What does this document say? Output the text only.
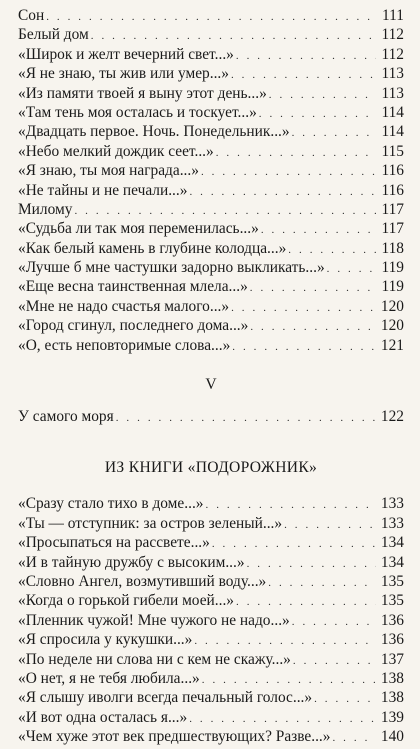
Сон . . .	111
Белый дом . . .	112
«Широк и желт вечерний свет...» . . .	112
«Я не знаю, ты жив или умер...» . . .	113
«Из памяти твоей я выну этот день...» . . .	113
«Там тень моя осталась и тоскует...» . . .	114
«Двадцать первое. Ночь. Понедельник...» . . .	114
«Небо мелкий дождик сеет...» . . .	115
«Я знаю, ты моя награда...» . . .	116
«Не тайны и не печали...» . . .	116
Милому . . .	117
«Судьба ли так моя переменилась...» . . .	117
«Как белый камень в глубине колодца...» . . .	118
«Лучше б мне частушки задорно выкликать...» . . .	119
«Еще весна таинственная млела...» . . .	119
«Мне не надо счастья малого...» . . .	120
«Город сгинул, последнего дома...» . . .	120
«О, есть неповторимые слова...» . . .	121
V
У самого моря . . .	122
ИЗ КНИГИ «ПОДОРОЖНИК»
«Сразу стало тихо в доме...» . . .	133
«Ты — отступник: за остров зеленый...» . . .	133
«Просыпаться на рассвете...» . . .	134
«И в тайную дружбу с высоким...» . . .	134
«Словно Ангел, возмутивший воду...» . . .	135
«Когда о горькой гибели моей...» . . .	135
«Пленник чужой! Мне чужого не надо...» . . .	136
«Я спросила у кукушки...» . . .	136
«По неделе ни слова ни с кем не скажу...» . . .	137
«О нет, я не тебя любила...» . . .	138
«Я слышу иволги всегда печальный голос...» . . .	138
«И вот одна осталась я...» . . .	139
«Чем хуже этот век предшествующих? Разве...» . . .	140
